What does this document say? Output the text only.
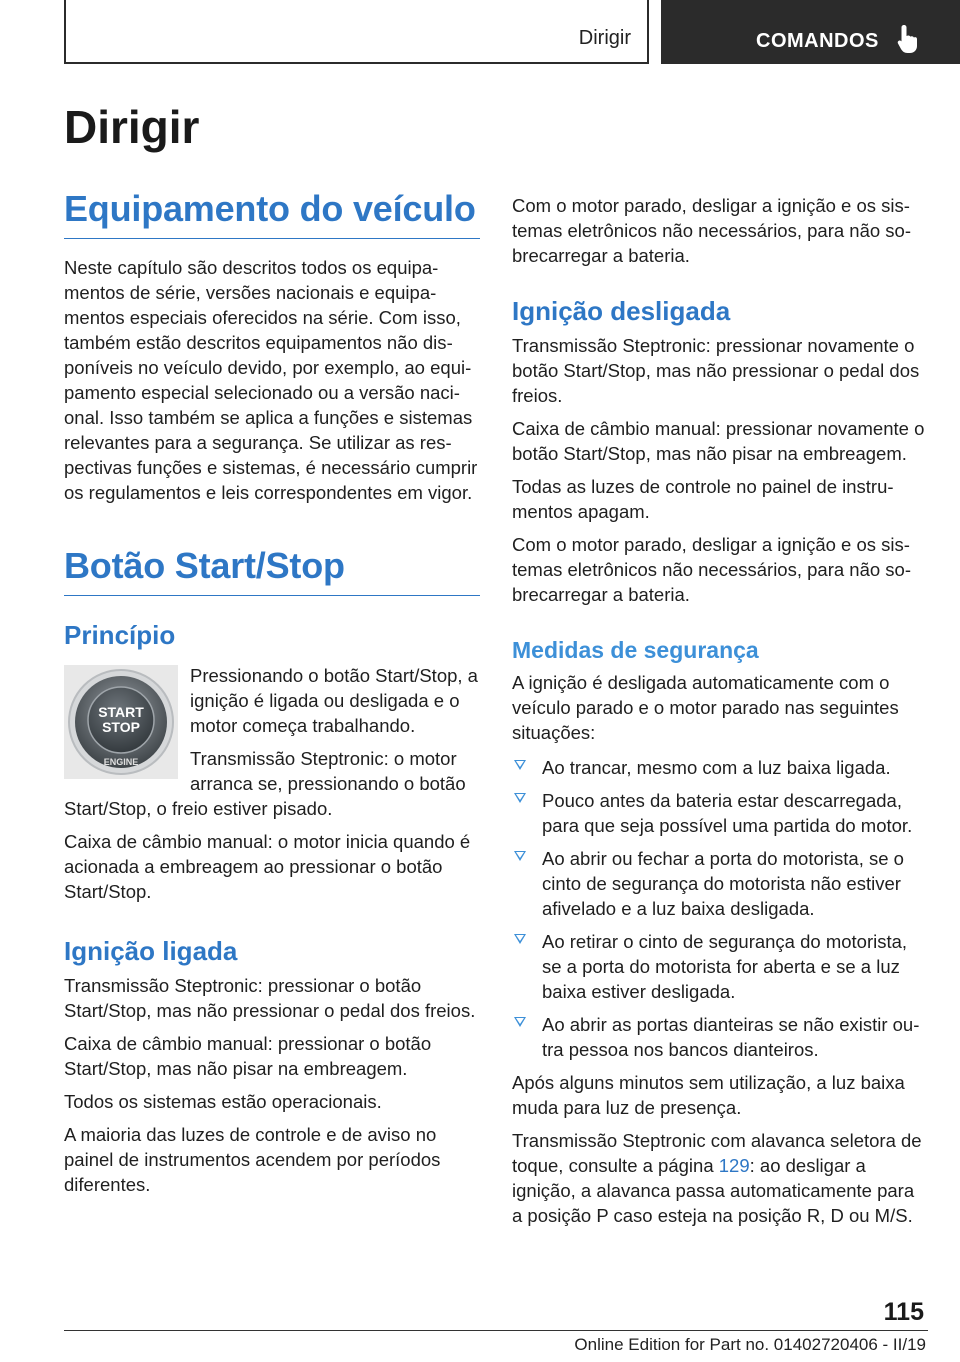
Dirigir	COMANDOS
Dirigir
Equipamento do veículo

Neste capítulo são descritos todos os equipamentos de série, versões nacionais e equipamentos especiais oferecidos na série. Com isso, também estão descritos equipamentos não disponíveis no veículo devido, por exemplo, ao equipamento especial selecionado ou a versão nacional. Isso também se aplica a funções e sistemas relevantes para a segurança. Se utilizar as respectivas funções e sistemas, é necessário cumprir os regulamentos e leis correspondentes em vigor.

Botão Start/Stop
Princípio
START
STOP
ENGINE

Pressionando o botão Start/Stop, a ignição é ligada ou desligada e o motor começa trabalhando.

Transmissão Steptronic: o motor arranca se, pressionando o botão Start/Stop, o freio estiver pisado.

Caixa de câmbio manual: o motor inicia quando é acionada a embreagem ao pressionar o botão Start/Stop.

Ignição ligada

Transmissão Steptronic: pressionar o botão Start/Stop, mas não pressionar o pedal dos freios.

Caixa de câmbio manual: pressionar o botão Start/Stop, mas não pisar na embreagem.

Todos os sistemas estão operacionais.

A maioria das luzes de controle e de aviso no painel de instrumentos acendem por períodos diferentes.

Com o motor parado, desligar a ignição e os sistemas eletrônicos não necessários, para não sobrecarregar a bateria.

Ignição desligada

Transmissão Steptronic: pressionar novamente o botão Start/Stop, mas não pressionar o pedal dos freios.

Caixa de câmbio manual: pressionar novamente o botão Start/Stop, mas não pisar na embreagem.

Todas as luzes de controle no painel de instrumentos apagam.

Com o motor parado, desligar a ignição e os sistemas eletrônicos não necessários, para não sobrecarregar a bateria.

Medidas de segurança

A ignição é desligada automaticamente com o veículo parado e o motor parado nas seguintes situações:

Ao trancar, mesmo com a luz baixa ligada.
Pouco antes da bateria estar descarregada, para que seja possível uma partida do motor.
Ao abrir ou fechar a porta do motorista, se o cinto de segurança do motorista não estiver afivelado e a luz baixa desligada.
Ao retirar o cinto de segurança do motorista, se a porta do motorista for aberta e se a luz baixa estiver desligada.
Ao abrir as portas dianteiras se não existir outra pessoa nos bancos dianteiros.

Após alguns minutos sem utilização, a luz baixa muda para luz de presença.

Transmissão Steptronic com alavanca seletora de toque, consulte a página 129: ao desligar a ignição, a alavanca passa automaticamente para a posição P caso esteja na posição R, D ou M/S.

115
Online Edition for Part no. 01402720406 - II/19
